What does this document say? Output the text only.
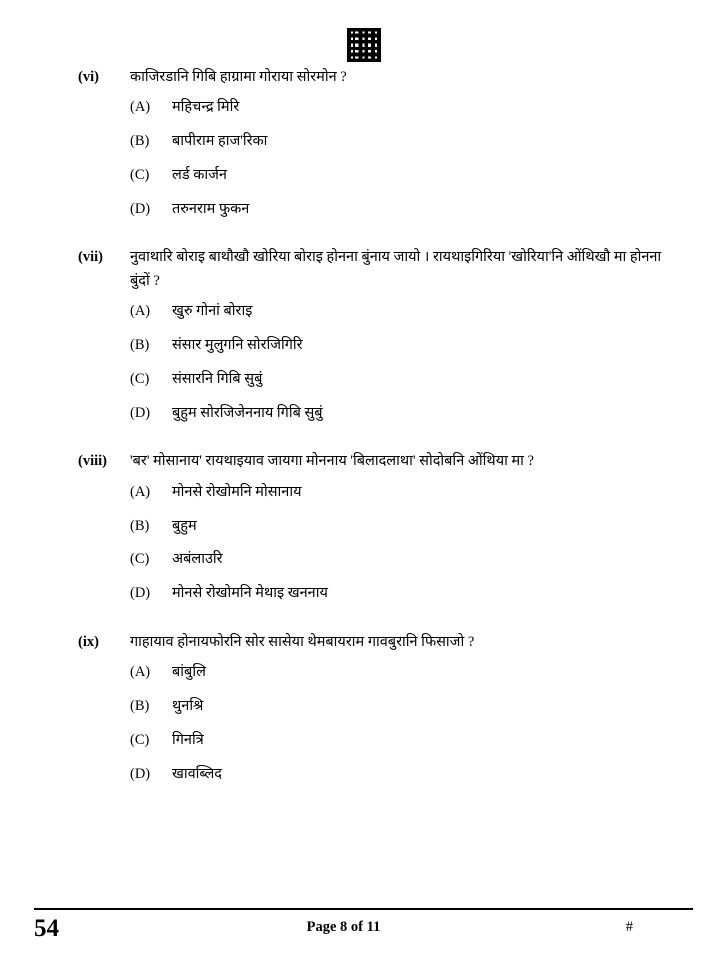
(vi)	काजिरडानि गिबि हाग्रामा गोराया सोरमोन ?
(A)	महिचन्द्र मिरि
(B)	बापीराम हाज'रिका
(C)	लर्ड कार्जन
(D)	तरुनराम फुकन
(vii)	नुवाथारि बोराइ बाथौखौ खोरिया बोराइ होनना बुंनाय जायो । रायथाइगिरिया 'खोरिया'नि ओंथिखौ मा होनना बुंदों ?
(A)	खुरु गोनां बोराइ
(B)	संसार मुलुगनि सोरजिगिरि
(C)	संसारनि गिबि सुबुं
(D)	बुहुम सोरजिजेननाय गिबि सुबुं
(viii)	'बर' मोसानाय' रायथाइयाव जायगा मोननाय 'बिलादलाथा' सोदोबनि ओंथिया मा ?
(A)	मोनसे रोखोमनि मोसानाय
(B)	बुहुम
(C)	अबंलाउरि
(D)	मोनसे रोखोमनि मेथाइ खननाय
(ix)	गाहायाव होनायफोरनि सोर सासेया थेमबायराम गावबुरानि फिसाजो ?
(A)	बांबुलि
(B)	थुनश्रि
(C)	गिनत्रि
(D)	खावब्लिद
54	Page 8 of 11	#
